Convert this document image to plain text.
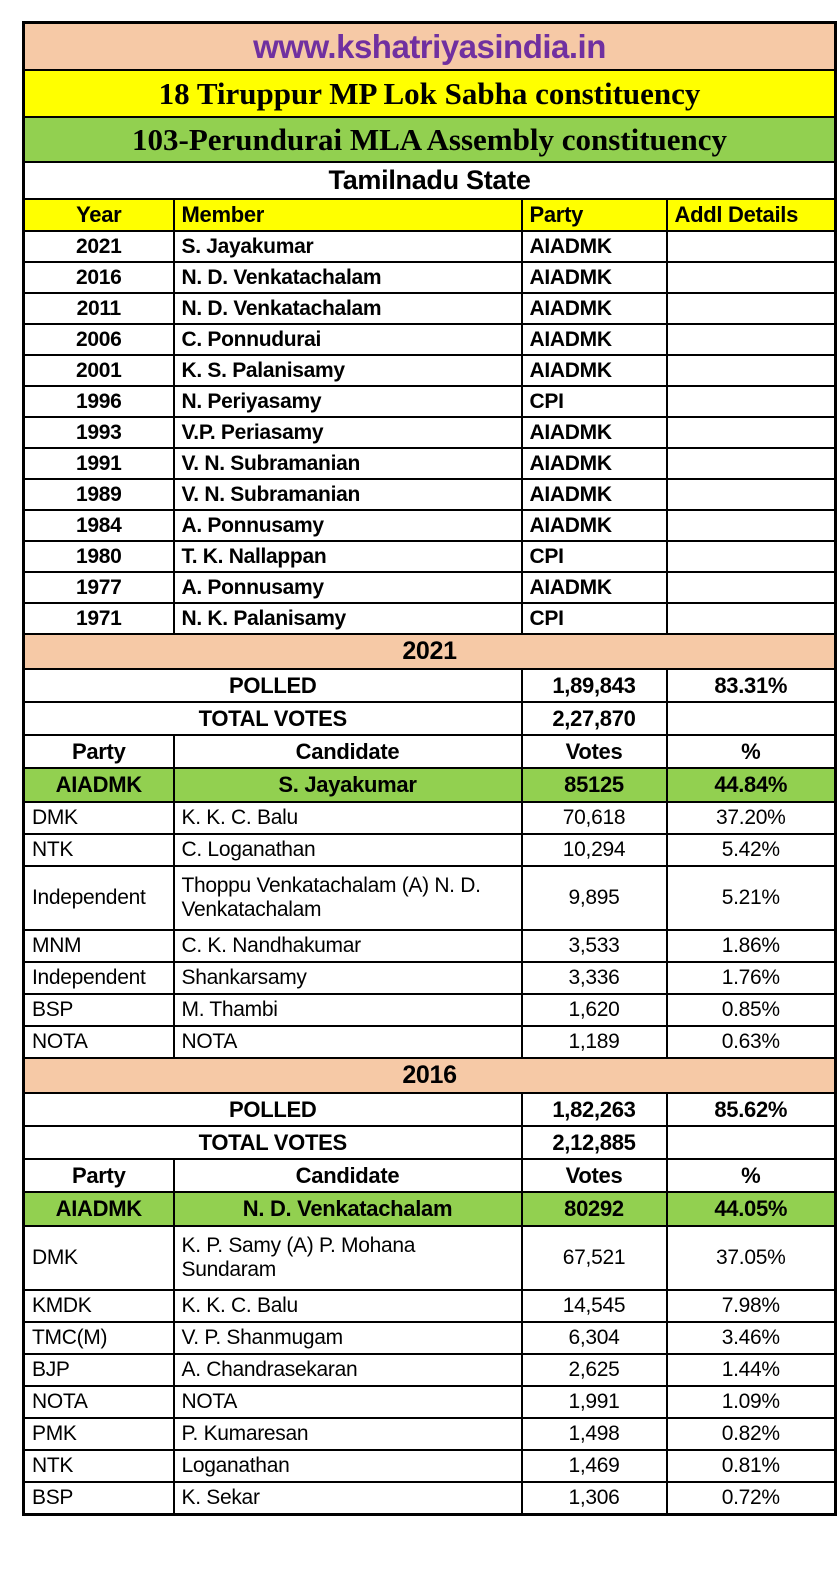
www.kshatriyasindia.in			
18 Tiruppur MP Lok Sabha constituency			
103-Perundurai MLA Assembly constituency			
Tamilnadu State			
Year	Member	Party	Addl Details
2021	S. Jayakumar	AIADMK	
2016	N. D. Venkatachalam	AIADMK	
2011	N. D. Venkatachalam	AIADMK	
2006	C. Ponnudurai	AIADMK	
2001	K. S. Palanisamy	AIADMK	
1996	N. Periyasamy	CPI	
1993	V.P. Periasamy	AIADMK	
1991	V. N. Subramanian	AIADMK	
1989	V. N. Subramanian	AIADMK	
1984	A. Ponnusamy	AIADMK	
1980	T. K. Nallappan	CPI	
1977	A. Ponnusamy	AIADMK	
1971	N. K. Palanisamy	CPI	
2021			
POLLED		1,89,843	83.31%
TOTAL VOTES		2,27,870	
Party	Candidate	Votes	%
AIADMK	S. Jayakumar	85125	44.84%
DMK	K. K. C. Balu	70,618	37.20%
NTK	C. Loganathan	10,294	5.42%
Independent	Thoppu Venkatachalam (A) N. D. Venkatachalam	9,895	5.21%
MNM	C. K. Nandhakumar	3,533	1.86%
Independent	Shankarsamy	3,336	1.76%
BSP	M. Thambi	1,620	0.85%
NOTA	NOTA	1,189	0.63%
2016			
POLLED		1,82,263	85.62%
TOTAL VOTES		2,12,885	
Party	Candidate	Votes	%
AIADMK	N. D. Venkatachalam	80292	44.05%
DMK	K. P. Samy (A) P. Mohana Sundaram	67,521	37.05%
KMDK	K. K. C. Balu	14,545	7.98%
TMC(M)	V. P. Shanmugam	6,304	3.46%
BJP	A. Chandrasekaran	2,625	1.44%
NOTA	NOTA	1,991	1.09%
PMK	P. Kumaresan	1,498	0.82%
NTK	Loganathan	1,469	0.81%
BSP	K. Sekar	1,306	0.72%
